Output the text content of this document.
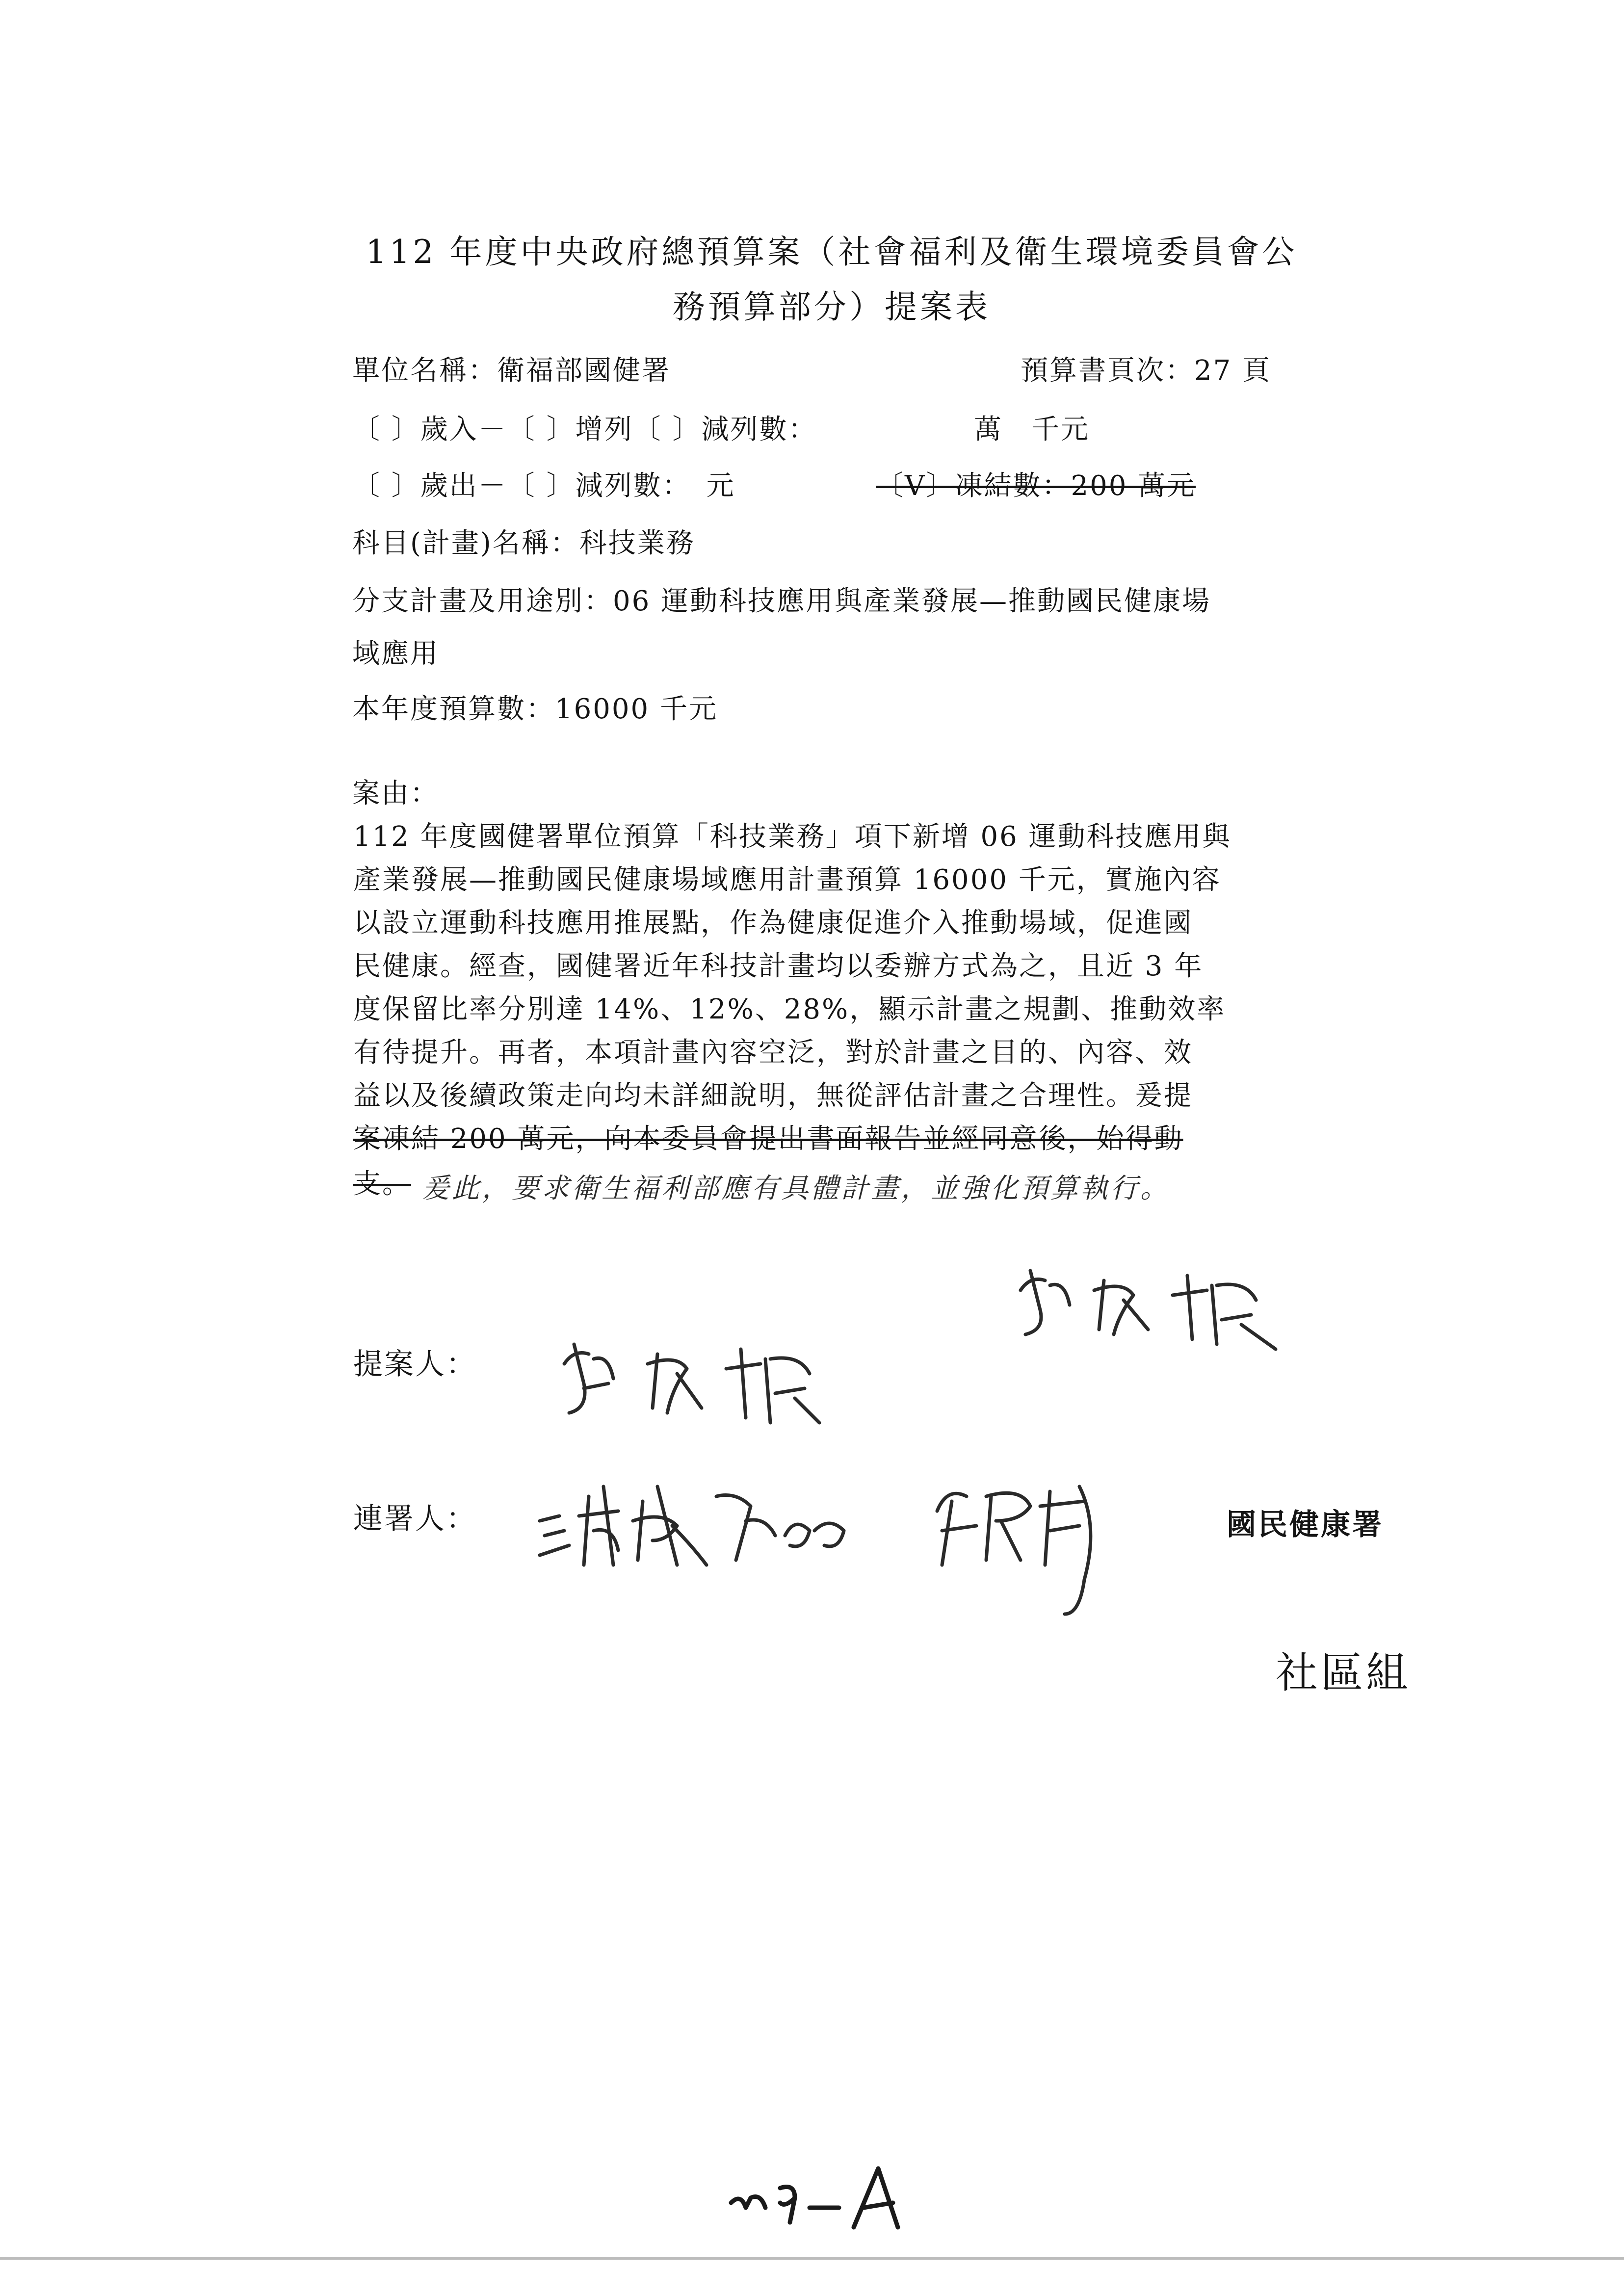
112 年度中央政府總預算案（社會福利及衛生環境委員會公
務預算部分）提案表
單位名稱：衛福部國健署	預算書頁次：27 頁
〔 〕歲入－〔 〕增列〔 〕減列數：	萬　千元
〔 〕歲出－〔 〕減列數：　元	〔V〕凍結數：200 萬元
科目(計畫)名稱：科技業務
分支計畫及用途別：06 運動科技應用與產業發展—推動國民健康場
域應用
本年度預算數：16000 千元
案由：
112 年度國健署單位預算「科技業務」項下新增 06 運動科技應用與
產業發展—推動國民健康場域應用計畫預算 16000 千元，實施內容
以設立運動科技應用推展點，作為健康促進介入推動場域，促進國
民健康。經查，國健署近年科技計畫均以委辦方式為之，且近 3 年
度保留比率分別達 14%、12%、28%，顯示計畫之規劃、推動效率
有待提升。再者，本項計畫內容空泛，對於計畫之目的、內容、效
益以及後續政策走向均未詳細說明，無從評估計畫之合理性。爰提
案凍結 200 萬元，向本委員會提出書面報告並經同意後，始得動
支。 爰此，要求衛生福利部應有具體計畫，並強化預算執行。
提案人：
連署人：	國民健康署
社區組
